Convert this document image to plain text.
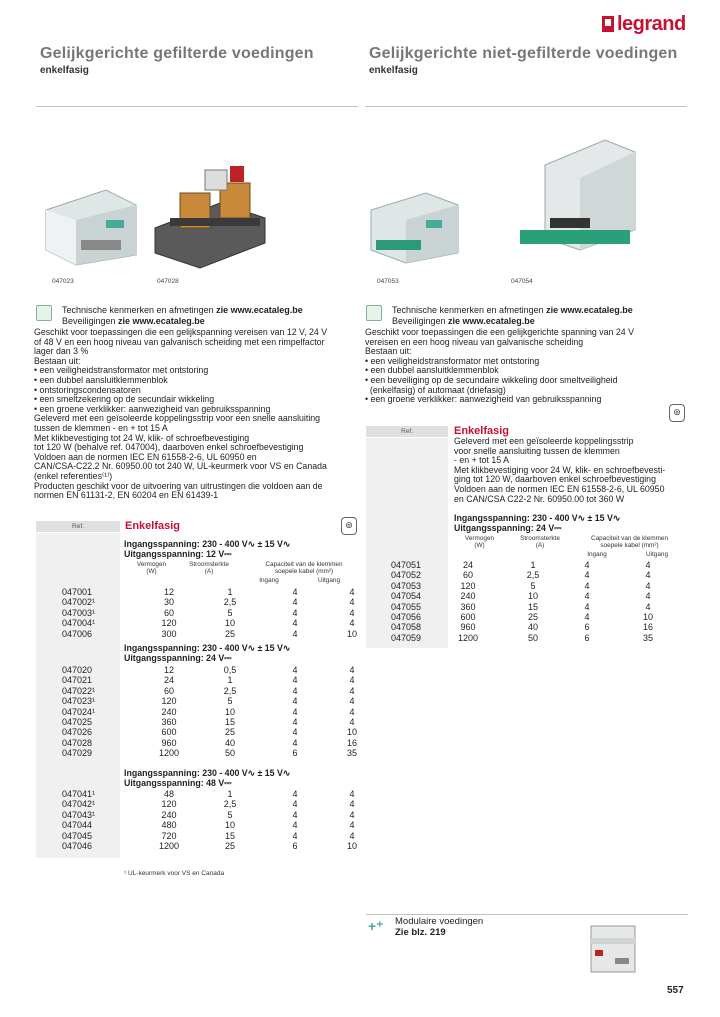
legrand
Gelijkgerichte gefilterde voedingen
enkelfasig
047023	047028
Technische kenmerken en afmetingen zie www.ecataleg.be
Beveiligingen zie www.ecataleg.be
Geschikt voor toepassingen die een gelijkspanning vereisen van 12 V, 24 V
of 48 V en een hoog niveau van galvanisch scheiding met een rimpelfactor
lager dan 3 %
Bestaan uit:
• een veiligheidstransformator met ontstoring
• een dubbel aansluitklemmenblok
• ontstoringscondensatoren
• een smeltzekering op de secundair wikkeling
• een groene verklikker: aanwezigheid van gebruiksspanning
Geleverd met een geïsoleerde koppelingsstrip voor een snelle aansluiting
tussen de klemmen - en + tot 15 A
Met klikbevestiging tot 24 W, klik- of schroefbevestiging
tot 120 W (behalve ref. 047004), daarboven enkel schroefbevestiging
Voldoen aan de normen IEC EN 61558-2-6, UL 60950 en
CAN/CSA-C22.2 Nr. 60950.00 tot 240 W, UL-keurmerk voor VS en Canada
(enkel referenties⁽¹⁾)
Producten geschikt voor de uitvoering van uitrustingen die voldoen aan de
normen EN 61131-2, EN 60204 en EN 61439-1
Ref.	Enkelfasig	⊚
Ingangsspanning: 230 - 400 V∿ ± 15 V∿
Uitgangsspanning: 12 V⎓
Vermogen
(W)
Stroomsterkte
(A)
Capaciteit van de klemmen
soepele kabel (mm²)
Ingang	Uitgang
047001	12	1	4	4
047002¹	30	2,5	4	4
047003¹	60	5	4	4
047004¹	120	10	4	4
047006	300	25	4	10
Ingangsspanning: 230 - 400 V∿ ± 15 V∿
Uitgangsspanning: 24 V⎓
047020	12	0,5	4	4
047021	24	1	4	4
047022¹	60	2,5	4	4
047023¹	120	5	4	4
047024¹	240	10	4	4
047025	360	15	4	4
047026	600	25	4	10
047028	960	40	4	16
047029	1200	50	6	35
Ingangsspanning: 230 - 400 V∿ ± 15 V∿
Uitgangsspanning: 48 V⎓
047041¹	48	1	4	4
047042¹	120	2,5	4	4
047043¹	240	5	4	4
047044	480	10	4	4
047045	720	15	4	4
047046	1200	25	6	10
¹ UL-keurmerk voor VS en Canada
Gelijkgerichte niet-gefilterde voedingen
enkelfasig
047053	047054
Technische kenmerken en afmetingen zie www.ecataleg.be
Beveiligingen zie www.ecataleg.be
Geschikt voor toepassingen die een gelijkgerichte spanning van 24 V
vereisen en een hoog niveau van galvanische scheiding
Bestaan uit:
• een veiligheidstransformator met ontstoring
• een dubbel aansluitklemmenblok
• een beveiliging op de secundaire wikkeling door smeltveiligheid
(enkelfasig) of automaat (driefasig)
• een groene verklikker: aanwezigheid van gebruiksspanning
Ref.	Enkelfasig
⊚
Geleverd met een geïsoleerde koppelingsstrip
voor snelle aansluiting tussen de klemmen
- en + tot 15 A
Met klikbevestiging voor 24 W, klik- en schroefbevesti-
ging tot 120 W, daarboven enkel schroefbevestiging
Voldoen aan de normen IEC EN 61558-2-6, UL 60950
en CAN/CSA C22-2 Nr. 60950.00 tot 360 W
Ingangsspanning: 230 - 400 V∿ ± 15 V∿
Uitgangsspanning: 24 V⎓
Vermogen
(W)
Stroomsterkte
(A)
Capaciteit van de klemmen
soepele kabel (mm²)
Ingang	Uitgang
047051	24	1	4	4
047052	60	2,5	4	4
047053	120	5	4	4
047054	240	10	4	4
047055	360	15	4	4
047056	600	25	4	10
047058	960	40	6	16
047059	1200	50	6	35
+⁺ Modulaire voedingen
Zie blz. 219
557
